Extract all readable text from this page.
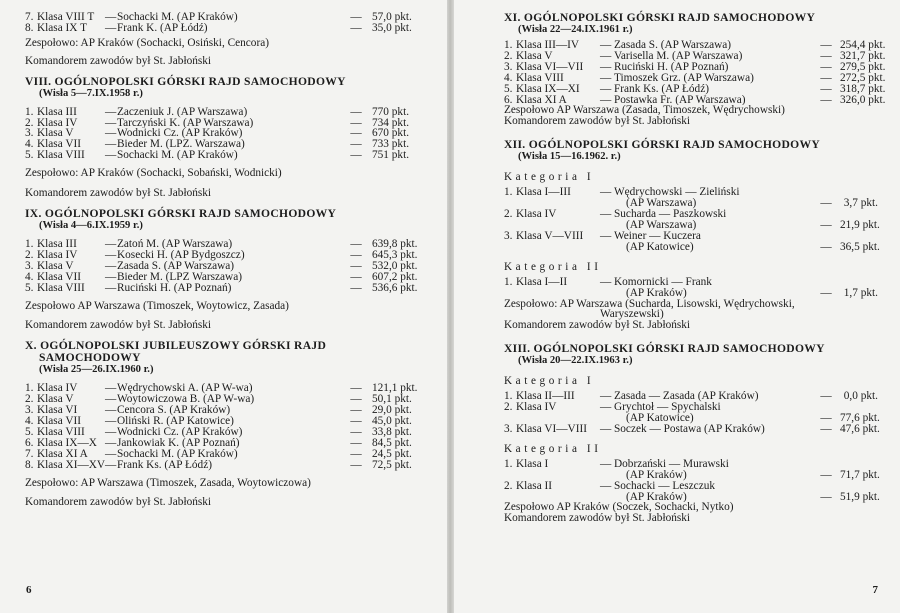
7. Klasa VIII T — Sochacki M. (AP Kraków)	— 57,0 pkt.
8. Klasa IX T	— Frank K. (AP Łódź)	— 35,0 pkt.
Zespołowo: AP Kraków (Sochacki, Osiński, Cencora)
Komandorem zawodów był St. Jabłoński
VIII. OGÓLNOPOLSKI GÓRSKI RAJD SAMOCHODOWY
(Wisła 5—7.IX.1958 r.)
1. Klasa III	— Zaczeniuk J. (AP Warszawa)	— 770 pkt.
2. Klasa IV	— Tarczyński K. (AP Warszawa)	— 734 pkt.
3. Klasa V	— Wodnicki Cz. (AP Kraków)	— 670 pkt.
4. Klasa VII	— Bieder M. (LPŻ. Warszawa)	— 733 pkt.
5. Klasa VIII	— Sochacki M. (AP Kraków)	— 751 pkt.
Zespołowo: AP Kraków (Sochacki, Sobański, Wodnicki)
Komandorem zawodów był St. Jabłoński
IX. OGÓLNOPOLSKI GÓRSKI RAJD SAMOCHODOWY
(Wisła 4—6.IX.1959 r.)
1. Klasa III	— Zatoń M. (AP Warszawa)	— 639,8 pkt.
2. Klasa IV	— Kosecki H. (AP Bydgoszcz)	— 645,3 pkt.
3. Klasa V	— Zasada S. (AP Warszawa)	— 532,0 pkt.
4. Klasa VII	— Bieder M. (LPŻ Warszawa)	— 607,2 pkt.
5. Klasa VIII	— Ruciński H. (AP Poznań)	— 536,6 pkt.
Zespołowo AP Warszawa (Timoszek, Woytowicz, Zasada)
Komandorem zawodów był St. Jabłoński
X. OGÓLNOPOLSKI JUBILEUSZOWY GÓRSKI RAJD
SAMOCHODOWY
(Wisła 25—26.IX.1960 r.)
1. Klasa IV	— Wędrychowski A. (AP W-wa)	— 121,1 pkt.
2. Klasa V	— Woytowiczowa B. (AP W-wa)	— 50,1 pkt.
3. Klasa VI	— Cencora S. (AP Kraków)	— 29,0 pkt.
4. Klasa VII	— Oliński R. (AP Katowice)	— 45,0 pkt.
5. Klasa VIII	— Wodnicki Cz. (AP Kraków)	— 33,8 pkt.
6. Klasa IX—X — Jankowiak K. (AP Poznań)	— 84,5 pkt.
7. Klasa XI A	— Sochacki M. (AP Kraków)	— 24,5 pkt.
8. Klasa XI—XV — Frank Ks. (AP Łódź)	— 72,5 pkt.
Zespołowo: AP Warszawa (Timoszek, Zasada, Woytowiczowa)
Komandorem zawodów był St. Jabłoński
6
XI. OGÓLNOPOLSKI GÓRSKI RAJD SAMOCHODOWY
(Wisła 22—24.IX.1961 r.)
1. Klasa III—IV	— Zasada S. (AP Warszawa)	— 254,4 pkt.
2. Klasa V	— Varisella M. (AP Warszawa)	— 321,7 pkt.
3. Klasa VI—VII	— Ruciński H. (AP Poznań)	— 279,5 pkt.
4. Klasa VIII	— Timoszek Grz. (AP Warszawa)	— 272,5 pkt.
5. Klasa IX—XI	— Frank Ks. (AP Łódź)	— 318,7 pkt.
6. Klasa XI A	— Postawka Fr. (AP Warszawa)	— 326,0 pkt.
Zespołowo AP Warszawa (Zasada, Timoszek, Wędrychowski)
Komandorem zawodów był St. Jabłoński
XII. OGÓLNOPOLSKI GÓRSKI RAJD SAMOCHODOWY
(Wisła 15—16.1962. r.)
Kategoria I
1. Klasa I—III	— Wędrychowski — Zieliński
(AP Warszawa)	—	3,7 pkt.
2. Klasa IV	— Sucharda — Paszkowski
(AP Warszawa)	— 21,9 pkt.
3. Klasa V—VIII	— Weiner — Kuczera
(AP Katowice)	— 36,5 pkt.
Kategoria II
1. Klasa I—II	— Komornicki — Frank
(AP Kraków)	—	1,7 pkt.
Zespołowo: AP Warszawa (Sucharda, Lisowski, Wędrychowski,
Waryszewski)
Komandorem zawodów był St. Jabłoński
XIII. OGÓLNOPOLSKI GÓRSKI RAJD SAMOCHODOWY
(Wisła 20—22.IX.1963 r.)
Kategoria I
1. Klasa II—III	— Zasada — Żasada (AP Kraków)	—	0,0 pkt.
2. Klasa IV	— Grychtoł — Spychalski
(AP Katowice)	— 77,6 pkt.
3. Klasa VI—VIII	— Soczek — Postawa (AP Kraków)	— 47,6 pkt.
Kategoria II
1. Klasa I	— Dobrzański — Murawski
(AP Kraków)	— 71,7 pkt.
2. Klasa II	— Sochacki — Leszczuk
(AP Kraków)	— 51,9 pkt.
Zespołowo AP Kraków (Soczek, Sochacki, Nytko)
Komandorem zawodów był St. Jabłoński
7
